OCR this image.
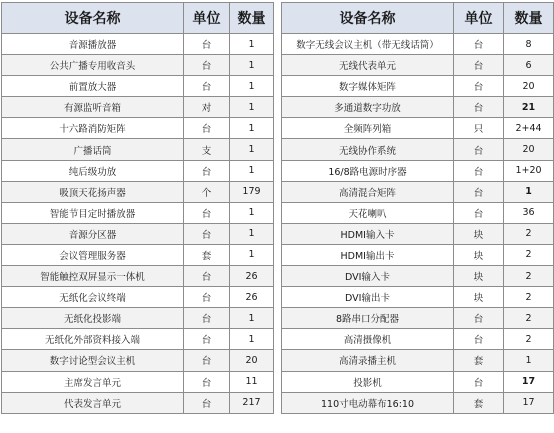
设备名称	单位	数量
音源播放器	台	1
公共广播专用收音头	台	1
前置放大器	台	1
有源监听音箱	对	1
十六路消防矩阵	台	1
广播话筒	支	1
纯后级功放	台	1
吸顶天花扬声器	个	179
智能节目定时播放器	台	1
音源分区器	台	1
会议管理服务器	套	1
智能触控双屏显示一体机	台	26
无纸化会议终端	台	26
无纸化投影端	台	1
无纸化外部资料接入端	台	1
数字讨论型会议主机	台	20
主席发言单元	台	11
代表发言单元	台	217
设备名称	单位	数量
数字无线会议主机（带无线话筒）	台	8
无线代表单元	台	6
数字媒体矩阵	台	20
多通道数字功放	台	21
全频阵列箱	只	2+44
无线协作系统	台	20
16/8路电源时序器	台	1+20
高清混合矩阵	台	1
天花喇叭	台	36
HDMI输入卡	块	2
HDMI输出卡	块	2
DVI输入卡	块	2
DVI输出卡	块	2
8路串口分配器	台	2
高清摄像机	台	2
高清录播主机	套	1
投影机	台	17
110寸电动幕布16:10	套	17
